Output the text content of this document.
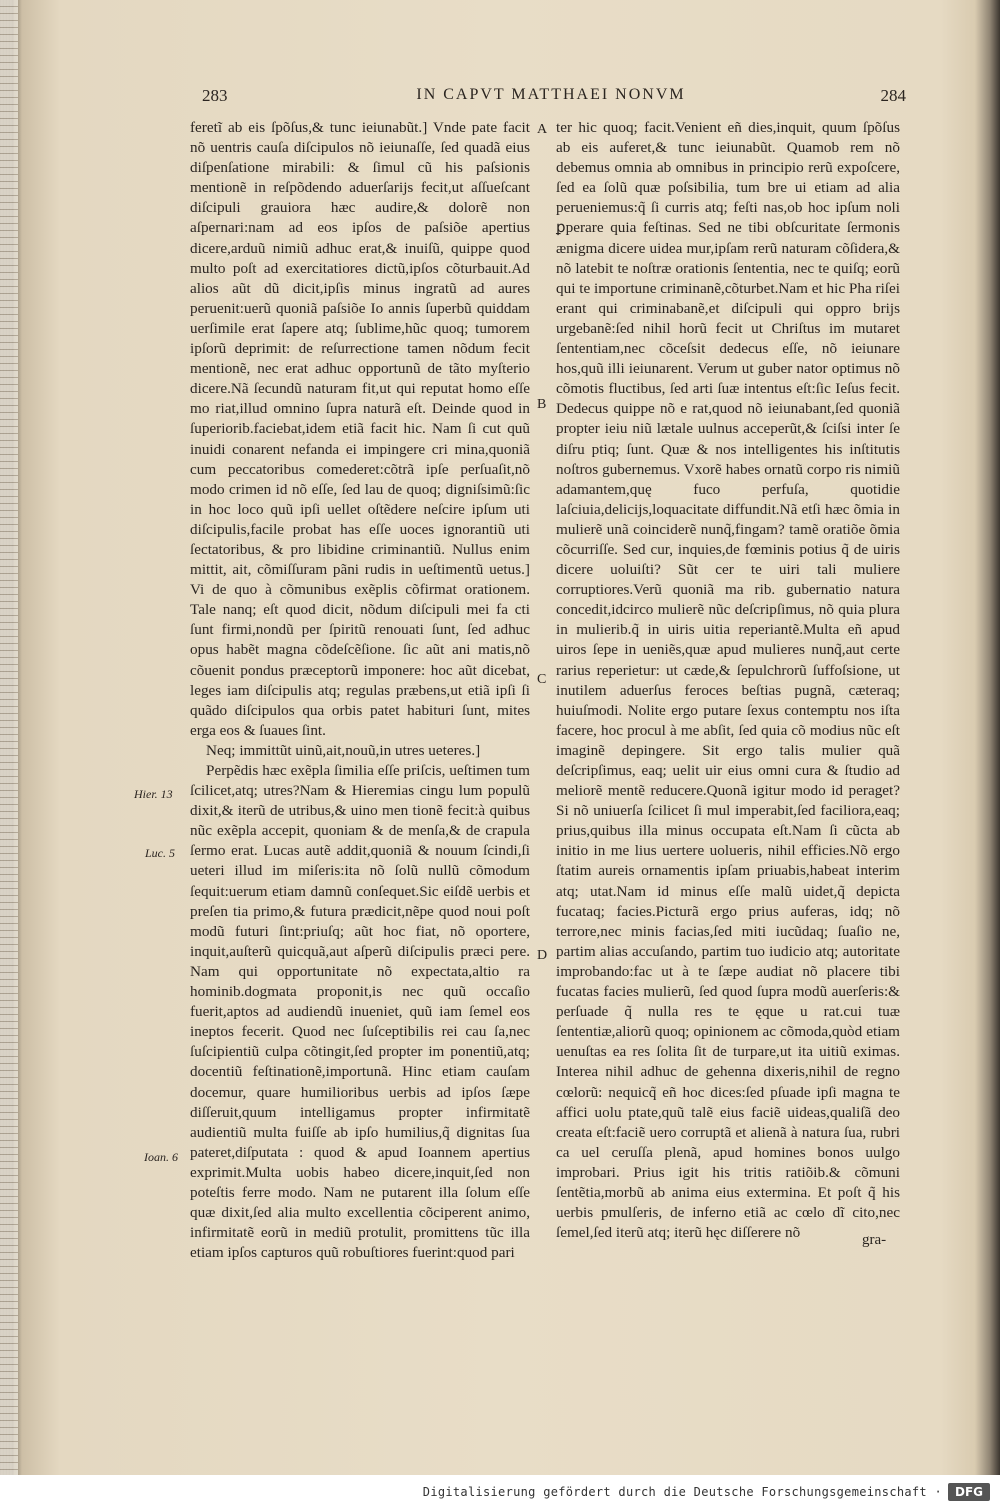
283	IN CAPVT MATTHAEI NONVM	284

feretĩ ab eis ſpõſus,& tunc ieiunabũt.] Vnde pate facit nõ uentris cauſa diſcipulos nõ ieiunaſſe, ſed quadã eius diſpenſatione mirabili: & ſimul cũ his paſsionis mentionẽ in reſpõdendo aduerſarijs fecit,ut aſſueſcant diſcipuli grauiora hæc audire,& dolorẽ non aſpernari:nam ad eos ipſos de paſsiõe apertius dicere,arduũ nimiũ adhuc erat,& inuiſũ, quippe quod multo poſt ad exercitatiores dictũ,ipſos cõturbauit.Ad alios aũt dũ dicit,ipſis minus ingratũ ad aures peruenit:uerũ quoniã paſsiõe Io annis ſuperbũ quiddam uerſimile erat ſapere atq; ſublime,hũc quoq; tumorem ipſorũ deprimit: de reſurrectione tamen nõdum fecit mentionẽ, nec erat adhuc opportunũ de tãto myſterio dicere.Nã ſecundũ naturam fit,ut qui reputat homo eſſe mo riat,illud omnino ſupra naturã eſt. Deinde quod in ſuperiorib.faciebat,idem etiã facit hic. Nam ſi cut quũ inuidi conarent nefanda ei impingere cri mina,quoniã cum peccatoribus comederet:cõtrã ipſe perſuaſit,nõ modo crimen id nõ eſſe, ſed lau de quoq; digniſsimũ:ſic in hoc loco quũ ipſi uellet oſtẽdere neſcire ipſum uti diſcipulis,facile probat has eſſe uoces ignorantiũ uti ſectatoribus, & pro libidine criminantiũ. Nullus enim mittit, ait, cõmiſſuram pãni rudis in ueſtimentũ uetus.] Vi de quo à cõmunibus exẽplis cõfirmat orationem. Tale nanq; eſt quod dicit, nõdum diſcipuli mei fa cti ſunt firmi,nondũ per ſpiritũ renouati ſunt, ſed adhuc opus habẽt magna cõdeſcẽſione. ſic aũt ani matis,nõ cõuenit pondus præceptorũ imponere: hoc aũt dicebat, leges iam diſcipulis atq; regulas præbens,ut etiã ipſi ſi quãdo diſcipulos qua orbis patet habituri ſunt, mites erga eos & ſuaues ſint.

Neq; immittũt uinũ,ait,nouũ,in utres ueteres.]

Perpẽdis hæc exẽpla ſimilia eſſe priſcis, ueſtimen tum ſcilicet,atq; utres?Nam & Hieremias cingu lum populũ dixit,& iterũ de utribus,& uino men tionẽ fecit:à quibus nũc exẽpla accepit, quoniam & de menſa,& de crapula ſermo erat. Lucas autẽ addit,quoniã & nouum ſcindi,ſi ueteri illud im miſeris:ita nõ ſolũ nullũ cõmodum ſequit:uerum etiam damnũ conſequet.Sic eiſdẽ uerbis et preſen tia primo,& futura prædicit,nẽpe quod noui poſt modũ futuri ſint:priuſq; aũt hoc fiat, nõ oportere, inquit,auſterũ quicquã,aut aſperũ diſcipulis præci pere. Nam qui opportunitate nõ expectata,altio ra hominib.dogmata proponit,is nec quũ occaſio fuerit,aptos ad audiendũ inueniet, quũ iam ſemel eos ineptos fecerit. Quod nec ſuſceptibilis rei cau ſa,nec ſuſcipientiũ culpa cõtingit,ſed propter im ponentiũ,atq; docentiũ feſtinationẽ,importunã. Hinc etiam cauſam docemur, quare humilioribus uerbis ad ipſos ſæpe diſſeruit,quum intelligamus propter infirmitatẽ audientiũ multa fuiſſe ab ipſo humilius,q̃ dignitas ſua pateret,diſputata : quod & apud Ioannem apertius exprimit.Multa uobis habeo dicere,inquit,ſed non poteſtis ferre modo. Nam ne putarent illa ſolum eſſe quæ dixit,ſed alia multo excellentia cõciperent animo, infirmitatẽ eorũ in mediũ protulit, promittens tũc illa etiam ipſos capturos quũ robuſtiores fuerint:quod pari

ter hic quoq; facit.Venient eñ dies,inquit, quum ſpõſus ab eis auferet,& tunc ieiunabũt. Quamob rem nõ debemus omnia ab omnibus in principio rerũ expoſcere, ſed ea ſolũ quæ poſsibilia, tum bre ui etiam ad alia perueniemus:q̃ ſi curris atq; feſti nas,ob hoc ipſum noli ꝑperare quia feſtinas. Sed ne tibi obſcuritate ſermonis ænigma dicere uidea mur,ipſam rerũ naturam cõſidera,& nõ latebit te noſtræ orationis ſententia, nec te quiſq; eorũ qui te importune criminanẽ,cõturbet.Nam et hic Pha riſei erant qui criminabanẽ,et diſcipuli qui oppro brijs urgebanẽ:ſed nihil horũ fecit ut Chriſtus im mutaret ſententiam,nec cõceſsit dedecus eſſe, nõ ieiunare hos,quũ illi ieiunarent. Verum ut guber nator optimus nõ cõmotis fluctibus, ſed arti ſuæ intentus eſt:ſic Ieſus fecit. Dedecus quippe nõ e rat,quod nõ ieiunabant,ſed quoniã propter ieiu niũ lætale uulnus acceperũt,& ſciſsi inter ſe diſru ptiq; ſunt. Quæ & nos intelligentes his inſtitutis noſtros gubernemus. Vxorẽ habes ornatũ corpo ris nimiũ adamantem,quę fuco perfuſa, quotidie laſciuia,delicijs,loquacitate diffundit.Nã etſi hæc õmia in mulierẽ unã coinciderẽ nunq̃,fingam? tamẽ oratiõe õmia cõcurriſſe. Sed cur, inquies,de fœminis potius q̃ de uiris dicere uoluiſti? Sũt cer te uiri tali muliere corruptiores.Verũ quoniã ma rib. gubernatio natura concedit,idcirco mulierẽ nũc deſcripſimus, nõ quia plura in mulierib.q̃ in uiris uitia reperiantẽ.Multa eñ apud uiros ſepe in ueniẽs,quæ apud mulieres nunq̃,aut certe rarius reperietur: ut cæde,& ſepulchrorũ ſuffoſsione, ut inutilem aduerſus feroces beſtias pugnã, cæteraq; huiuſmodi. Nolite ergo putare ſexus contemptu nos iſta facere, hoc procul à me abſit, ſed quia cõ modius nũc eſt imaginẽ depingere. Sit ergo talis mulier quã deſcripſimus, eaq; uelit uir eius omni cura & ſtudio ad meliorẽ mentẽ reducere.Quonã igitur modo id peraget? Si nõ uniuerſa ſcilicet ſi mul imperabit,ſed faciliora,eaq; prius,quibus illa minus occupata eſt.Nam ſi cũcta ab initio in me lius uertere uolueris, nihil efficies.Nõ ergo ſtatim aureis ornamentis ipſam priuabis,habeat interim atq; utat.Nam id minus eſſe malũ uidet,q̃ depicta fucataq; facies.Picturã ergo prius auferas, idq; nõ terrore,nec minis facias,ſed miti iucũdaq; ſuaſio ne, partim alias accuſando, partim tuo iudicio atq; autoritate improbando:fac ut à te ſæpe audiat nõ placere tibi fucatas facies mulierũ, ſed quod ſupra modũ auerſeris:& perſuade q̃ nulla res te ęque u rat.cui tuæ ſententiæ,aliorũ quoq; opinionem ac cõmoda,quòd etiam uenuſtas ea res ſolita ſit de turpare,ut ita uitiũ eximas. Interea nihil adhuc de gehenna dixeris,nihil de regno cœlorũ: nequicq̃ eñ hoc dices:ſed pſuade ipſi magna te affici uolu ptate,quũ talẽ eius faciẽ uideas,qualiſã deo creata eſt:faciẽ uero corruptã et alienã à natura ſua, rubri ca uel ceruſſa plenã, apud homines bonos uulgo improbari. Prius igit his tritis ratiõib.& cõmuni ſentẽtia,morbũ ab anima eius extermina. Et poſt q̃ his uerbis pmulſeris, de inferno etiã ac cœlo dĩ cito,nec ſemel,ſed iterũ atq; iterũ hęc diſſerere nõ

A
B
C
D
Hier. 13
Luc. 5
Ioan. 6
gra-
Digitalisierung gefördert durch die Deutsche Forschungsgemeinschaft ·	DFG
